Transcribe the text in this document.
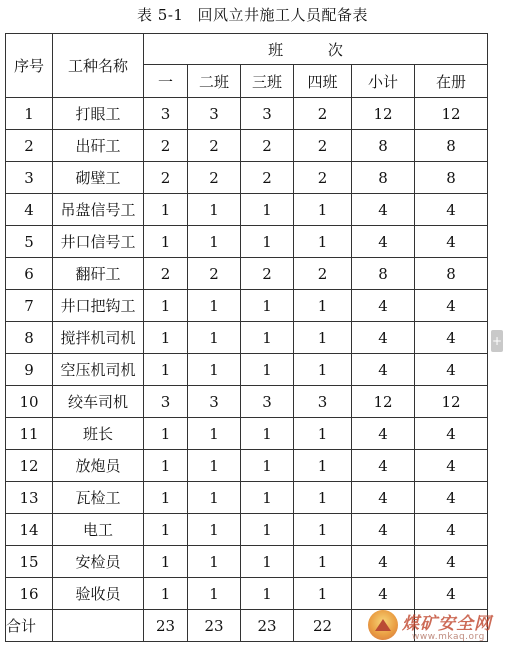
表 5-1 回风立井施工人员配备表
序号	工种名称	班 次					
		一	二班	三班	四班	小计	在册
1	打眼工	3	3	3	2	12	12
2	出矸工	2	2	2	2	8	8
3	砌壁工	2	2	2	2	8	8
4	吊盘信号工	1	1	1	1	4	4
5	井口信号工	1	1	1	1	4	4
6	翻矸工	2	2	2	2	8	8
7	井口把钩工	1	1	1	1	4	4
8	搅拌机司机	1	1	1	1	4	4
9	空压机司机	1	1	1	1	4	4
10	绞车司机	3	3	3	3	12	12
11	班长	1	1	1	1	4	4
12	放炮员	1	1	1	1	4	4
13	瓦检工	1	1	1	1	4	4
14	电工	1	1	1	1	4	4
15	安检员	1	1	1	1	4	4
16	验收员	1	1	1	1	4	4
合计		23	23	23	22		
+
煤矿安全网
www.mkaq.org
